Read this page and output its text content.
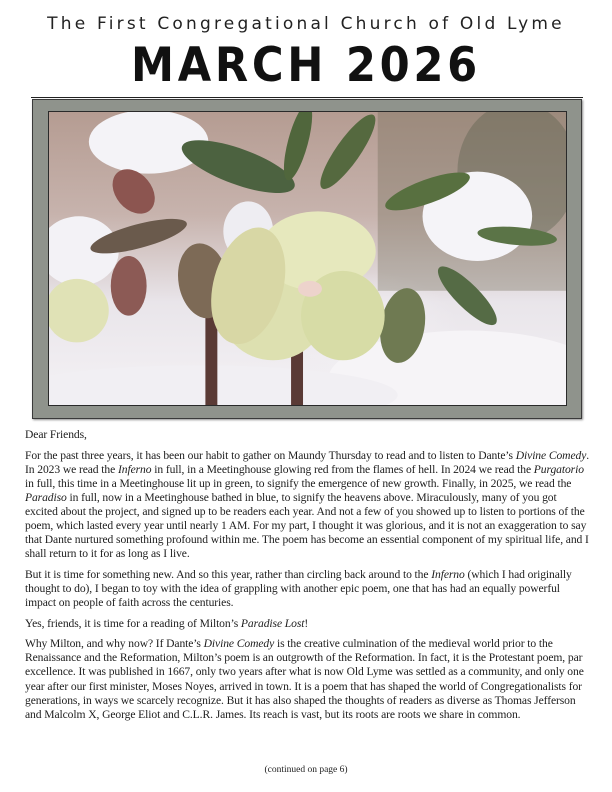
The First Congregational Church of Old Lyme
MARCH 2026

Dear Friends,

For the past three years, it has been our habit to gather on Maundy Thursday to read and to listen to Dante’s Divine Comedy. In 2023 we read the Inferno in full, in a Meetinghouse glowing red from the flames of hell. In 2024 we read the Purgatorio in full, this time in a Meetinghouse lit up in green, to signify the emergence of new growth. Finally, in 2025, we read the Paradiso in full, now in a Meetinghouse bathed in blue, to signify the heavens above. Miraculously, many of you got excited about the project, and signed up to be readers each year. And not a few of you showed up to listen to portions of the poem, which lasted every year until nearly 1 AM. For my part, I thought it was glorious, and it is not an exaggeration to say that Dante nurtured something profound within me. The poem has become an essential component of my spiritual life, and I shall return to it for as long as I live.

But it is time for something new. And so this year, rather than circling back around to the Inferno (which I had originally thought to do), I began to toy with the idea of grappling with another epic poem, one that has had an equally powerful impact on people of faith across the centuries.

Yes, friends, it is time for a reading of Milton’s Paradise Lost!

Why Milton, and why now? If Dante’s Divine Comedy is the creative culmination of the medieval world prior to the Renaissance and the Reformation, Milton’s poem is an outgrowth of the Reformation. In fact, it is the Protestant poem, par excellence. It was published in 1667, only two years after what is now Old Lyme was settled as a community, and only one year after our first minister, Moses Noyes, arrived in town. It is a poem that has shaped the world of Congregationalists for generations, in ways we scarcely recognize. But it has also shaped the thoughts of readers as diverse as Thomas Jefferson and Malcolm X, George Eliot and C.L.R. James. Its reach is vast, but its roots are roots we share in common.

(continued on page 6)
